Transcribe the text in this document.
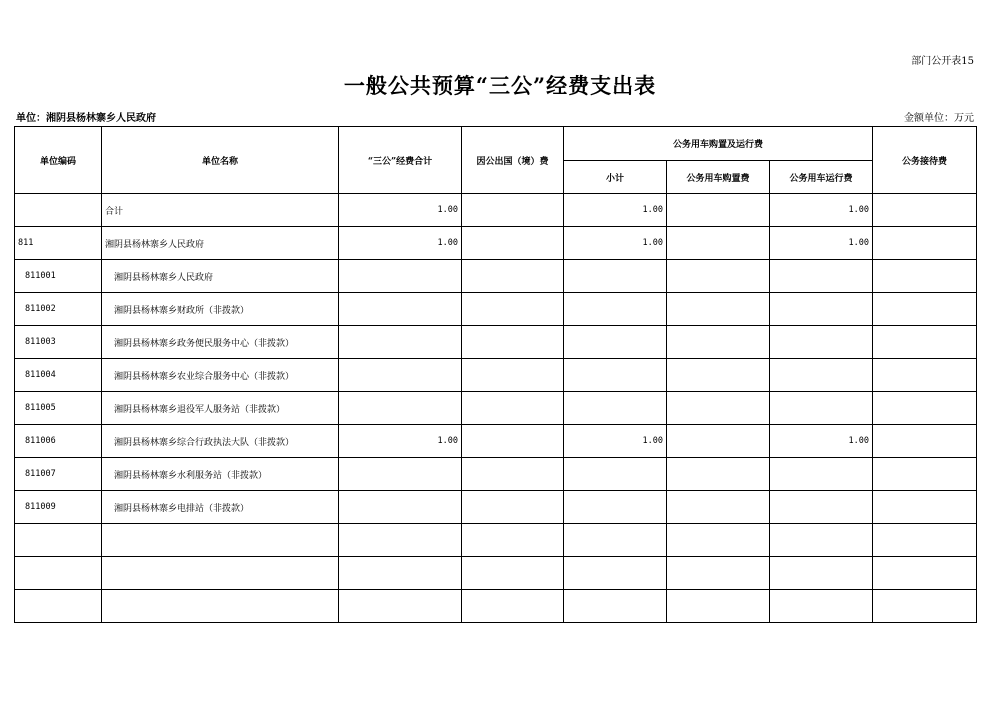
部门公开表15
一般公共预算“三公”经费支出表
单位：湘阴县杨林寨乡人民政府	金额单位：万元
单位编码	单位名称	“三公”经费合计	因公出国（境）费	公务用车购置及运行费			公务接待费
				小计	公务用车购置费	公务用车运行费	
	合计	1.00		1.00		1.00	
811	湘阴县杨林寨乡人民政府	1.00		1.00		1.00	
811001	湘阴县杨林寨乡人民政府						
811002	湘阴县杨林寨乡财政所（非拨款）						
811003	湘阴县杨林寨乡政务便民服务中心（非拨款）						
811004	湘阴县杨林寨乡农业综合服务中心（非拨款）						
811005	湘阴县杨林寨乡退役军人服务站（非拨款）						
811006	湘阴县杨林寨乡综合行政执法大队（非拨款）	1.00		1.00		1.00	
811007	湘阴县杨林寨乡水利服务站（非拨款）						
811009	湘阴县杨林寨乡电排站（非拨款）						
